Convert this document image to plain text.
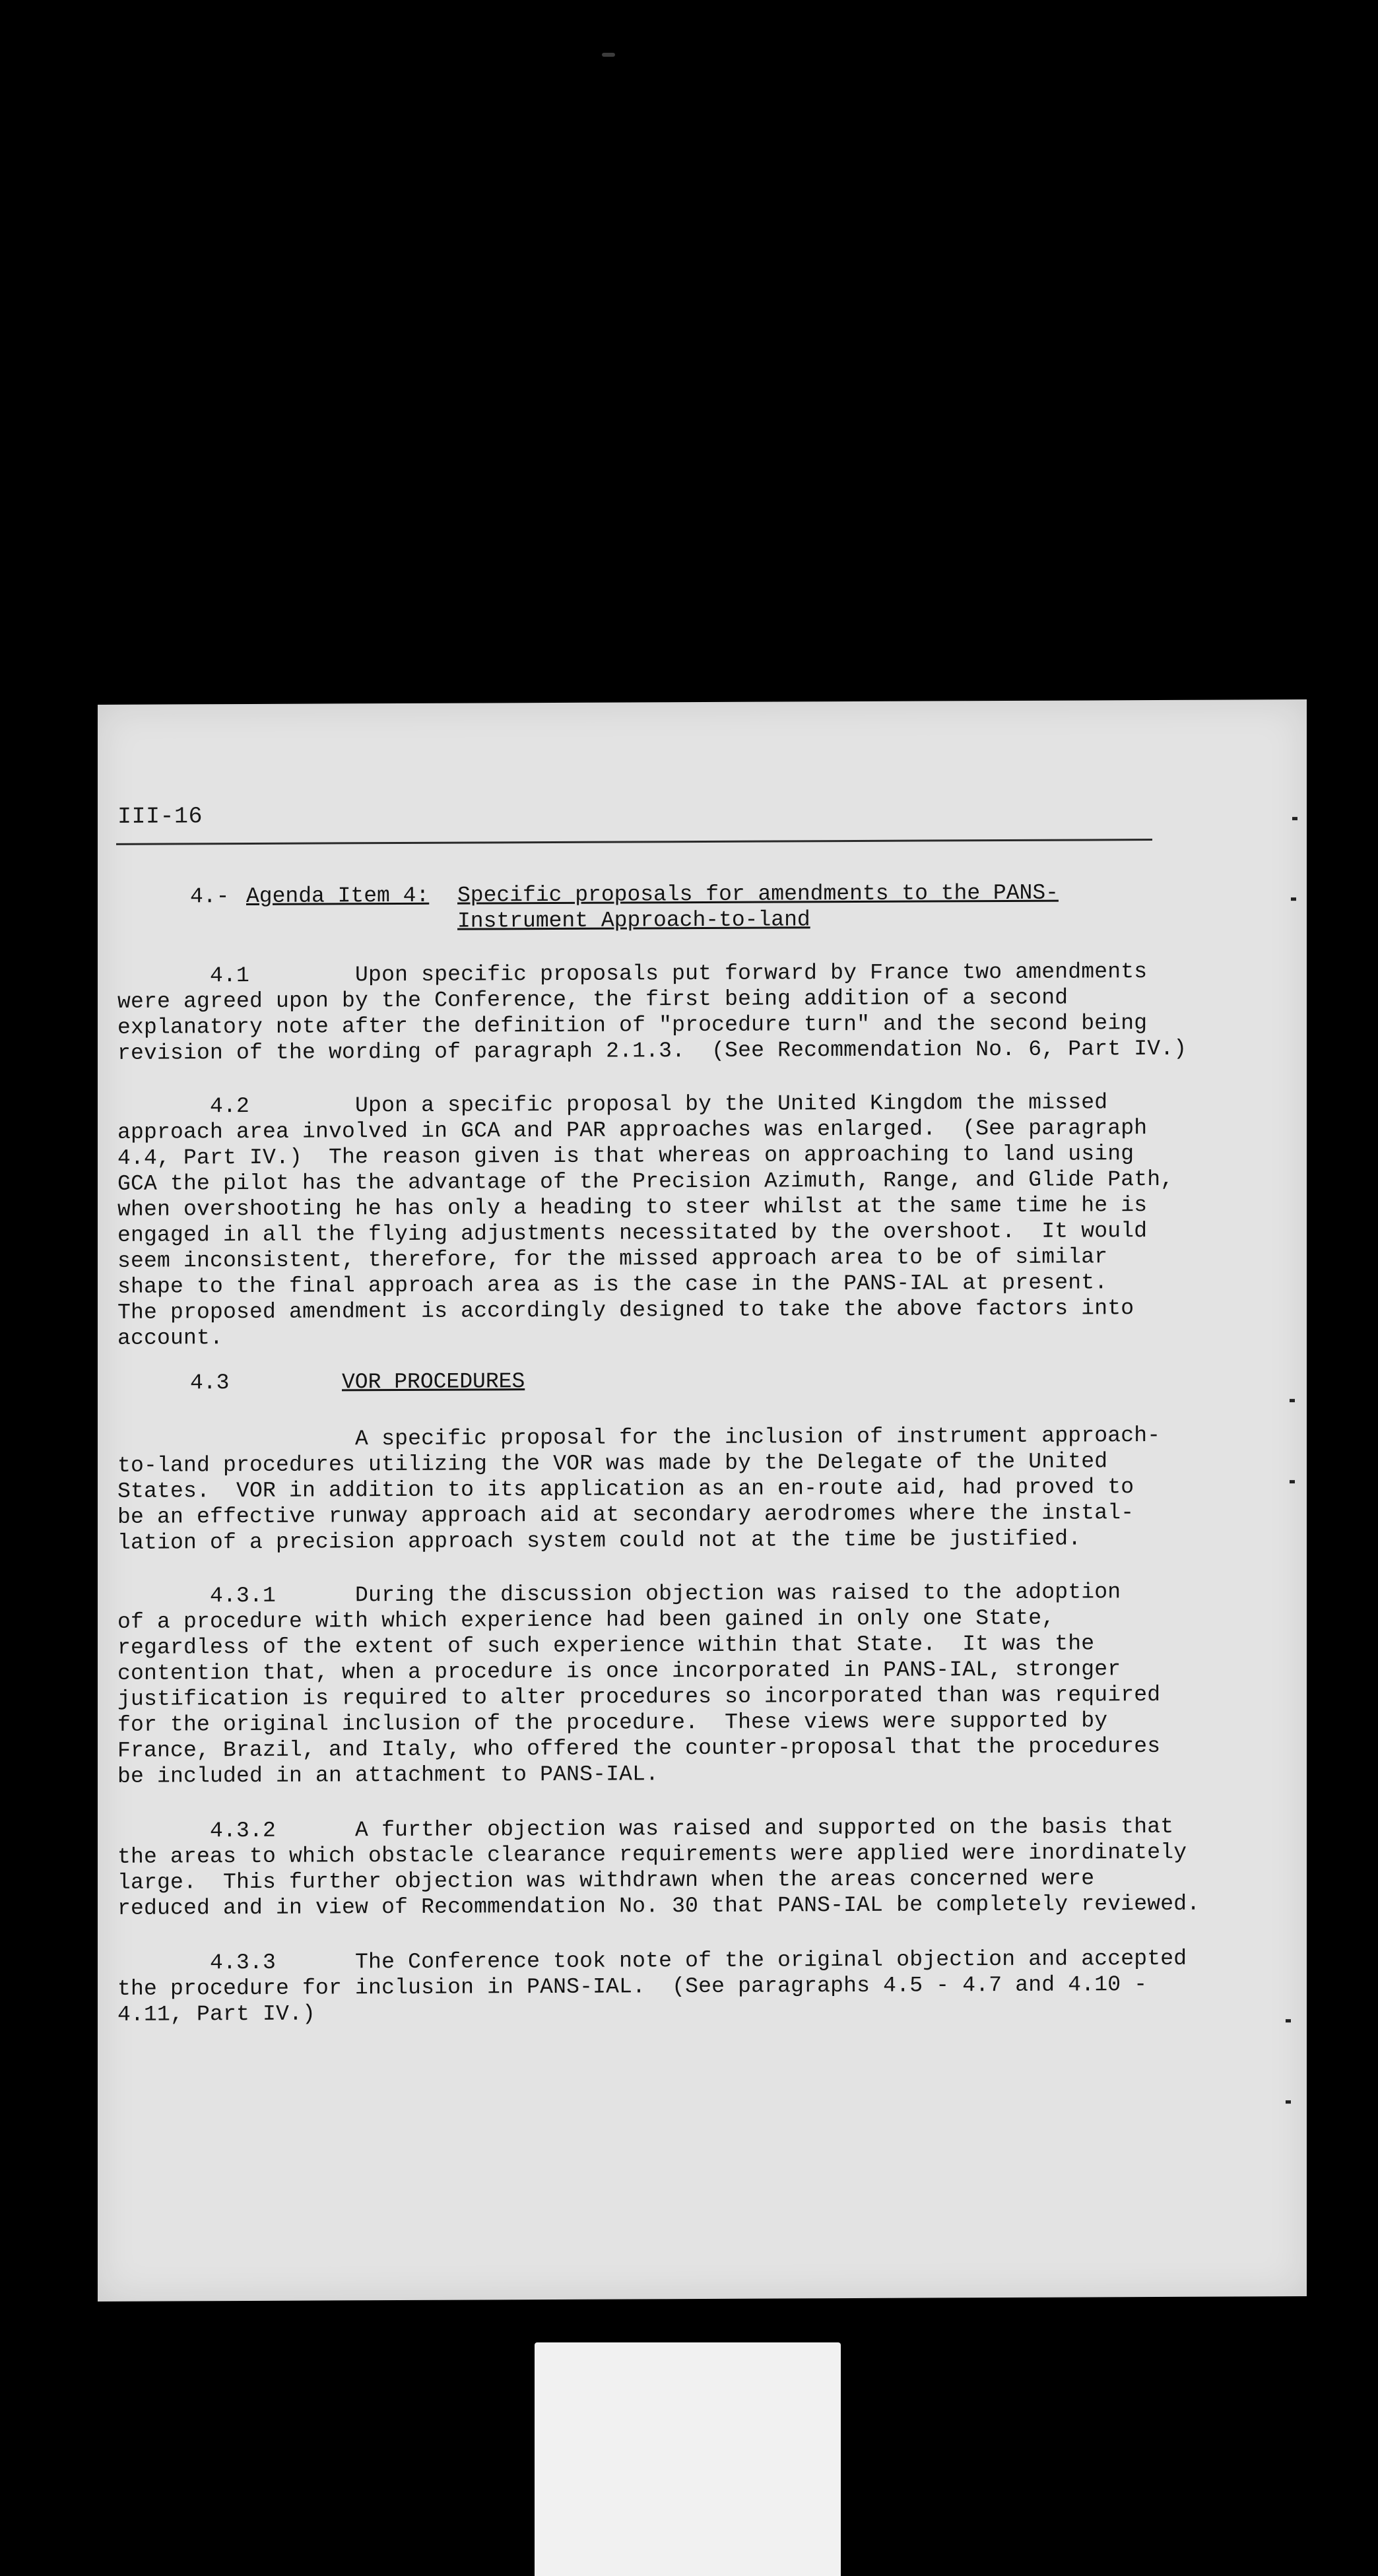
III-16
4.- Agenda Item 4: Specific proposals for amendments to the PANS-
Instrument Approach-to-land
4.1        Upon specific proposals put forward by France two amendments
were agreed upon by the Conference, the first being addition of a second
explanatory note after the definition of "procedure turn" and the second being
revision of the wording of paragraph 2.1.3.  (See Recommendation No. 6, Part IV.)
4.2        Upon a specific proposal by the United Kingdom the missed
approach area involved in GCA and PAR approaches was enlarged.  (See paragraph
4.4, Part IV.)  The reason given is that whereas on approaching to land using
GCA the pilot has the advantage of the Precision Azimuth, Range, and Glide Path,
when overshooting he has only a heading to steer whilst at the same time he is
engaged in all the flying adjustments necessitated by the overshoot.  It would
seem inconsistent, therefore, for the missed approach area to be of similar
shape to the final approach area as is the case in the PANS-IAL at present.
The proposed amendment is accordingly designed to take the above factors into
account.
4.3	VOR PROCEDURES
A specific proposal for the inclusion of instrument approach-
to-land procedures utilizing the VOR was made by the Delegate of the United
States.  VOR in addition to its application as an en-route aid, had proved to
be an effective runway approach aid at secondary aerodromes where the instal-
lation of a precision approach system could not at the time be justified.
4.3.1      During the discussion objection was raised to the adoption
of a procedure with which experience had been gained in only one State,
regardless of the extent of such experience within that State.  It was the
contention that, when a procedure is once incorporated in PANS-IAL, stronger
justification is required to alter procedures so incorporated than was required
for the original inclusion of the procedure.  These views were supported by
France, Brazil, and Italy, who offered the counter-proposal that the procedures
be included in an attachment to PANS-IAL.
4.3.2      A further objection was raised and supported on the basis that
the areas to which obstacle clearance requirements were applied were inordinately
large.  This further objection was withdrawn when the areas concerned were
reduced and in view of Recommendation No. 30 that PANS-IAL be completely reviewed.
4.3.3      The Conference took note of the original objection and accepted
the procedure for inclusion in PANS-IAL.  (See paragraphs 4.5 - 4.7 and 4.10 -
4.11, Part IV.)
